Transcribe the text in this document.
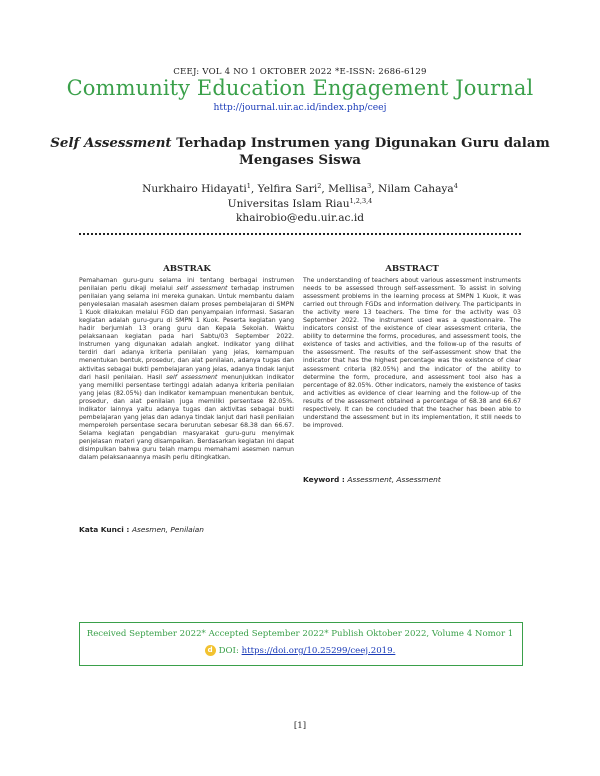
CEEJ: VOL 4 NO 1 OKTOBER 2022 *E-ISSN: 2686-6129
Community Education Engagement Journal
http://journal.uir.ac.id/index.php/ceej
Self Assessment Terhadap Instrumen yang Digunakan Guru dalam
Mengases Siswa
Nurkhairo Hidayati$^1$, Yelfira Sari$^2$, Mellisa$^3$, Nilam Cahaya$^4$
Universitas Islam Riau$^{1,2,3,4}$
khairobio@edu.uir.ac.id
ABSTRAK	ABSTRACT

Pemahaman guru-guru selama ini tentang berbagai instrumen penilaian perlu dikaji melalui self assessment terhadap instrumen penilaian yang selama ini mereka gunakan. Untuk membantu dalam penyelesaian masalah asesmen dalam proses pembelajaran di SMPN 1 Kuok dilakukan melalui FGD dan penyampaian informasi. Sasaran kegiatan adalah guru-guru di SMPN 1 Kuok. Peserta kegiatan yang hadir berjumlah 13 orang guru dan Kepala Sekolah. Waktu pelaksanaan kegiatan pada hari Sabtu/03 September 2022. Instrumen yang digunakan adalah angket. Indikator yang dilihat terdiri dari adanya kriteria penilaian yang jelas, kemampuan menentukan bentuk, prosedur, dan alat penilaian, adanya tugas dan aktivitas sebagai bukti pembelajaran yang jelas, adanya tindak lanjut dari hasil penilaian. Hasil self assessment menunjukkan indikator yang memiliki persentase tertinggi adalah adanya kriteria penilaian yang jelas (82.05%) dan indikator kemampuan menentukan bentuk, prosedur, dan alat penilaian juga memiliki persentase 82.05%. Indikator lainnya yaitu adanya tugas dan aktivitas sebagai bukti pembelajaran yang jelas dan adanya tindak lanjut dari hasil penilaian memperoleh persentase secara berurutan sebesar 68.38 dan 66.67. Selama kegiatan pengabdian masyarakat guru-guru menyimak penjelasan materi yang disampaikan. Berdasarkan kegiatan ini dapat disimpulkan bahwa guru telah mampu memahami asesmen namun dalam pelaksanaannya masih perlu ditingkatkan.

The understanding of teachers about various assessment instruments needs to be assessed through self-assessment. To assist in solving assessment problems in the learning process at SMPN 1 Kuok, it was carried out through FGDs and information delivery. The participants in the activity were 13 teachers. The time for the activity was 03 September 2022. The instrument used was a questionnaire. The indicators consist of the existence of clear assessment criteria, the ability to determine the forms, procedures, and assessment tools, the existence of tasks and activities, and the follow-up of the results of the assessment. The results of the self-assessment show that the indicator that has the highest percentage was the existence of clear assessment criteria (82.05%) and the indicator of the ability to determine the form, procedure, and assessment tool also has a percentage of 82.05%. Other indicators, namely the existence of tasks and activities as evidence of clear learning and the follow-up of the results of the assessment obtained a percentage of 68.38 and 66.67 respectively. It can be concluded that the teacher has been able to understand the assessment but in its implementation, it still needs to be improved.

Kata Kunci : Asesmen, Penilaian
Keyword : Assessment, Assessment
Received September 2022* Accepted September 2022* Publish Oktober 2022, Volume 4 Nomor 1
d DOI: https://doi.org/10.25299/ceej.2019.
[1]
